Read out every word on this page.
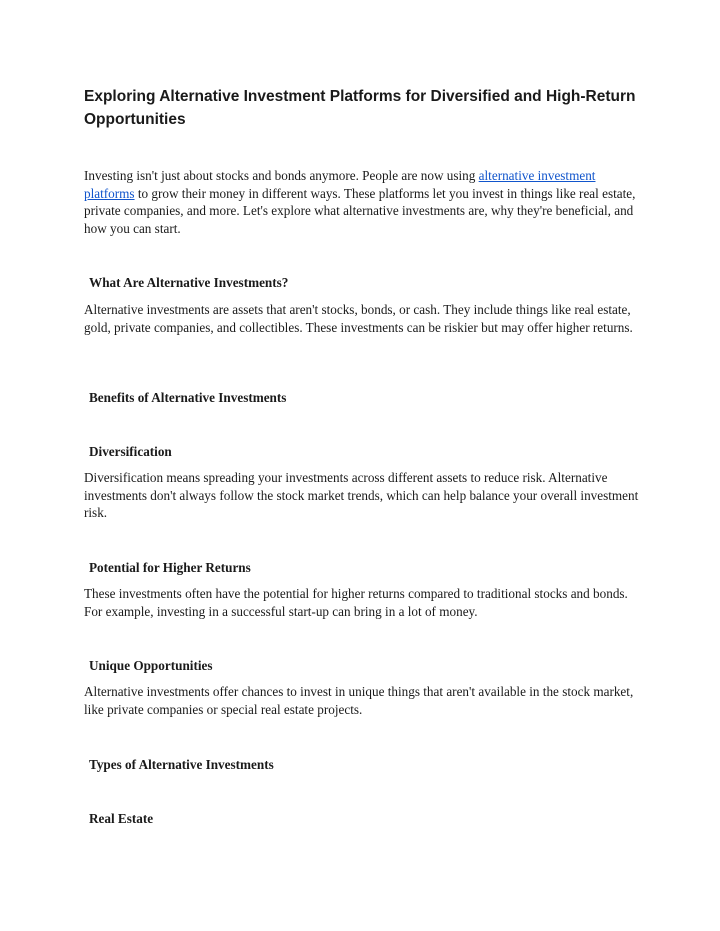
Exploring Alternative Investment Platforms for Diversified and High-Return Opportunities

Investing isn't just about stocks and bonds anymore. People are now using alternative investment platforms to grow their money in different ways. These platforms let you invest in things like real estate, private companies, and more. Let's explore what alternative investments are, why they're beneficial, and how you can start.

What Are Alternative Investments?

Alternative investments are assets that aren't stocks, bonds, or cash. They include things like real estate, gold, private companies, and collectibles. These investments can be riskier but may offer higher returns.

Benefits of Alternative Investments
Diversification

Diversification means spreading your investments across different assets to reduce risk. Alternative investments don't always follow the stock market trends, which can help balance your overall investment risk.

Potential for Higher Returns

These investments often have the potential for higher returns compared to traditional stocks and bonds. For example, investing in a successful start-up can bring in a lot of money.

Unique Opportunities

Alternative investments offer chances to invest in unique things that aren't available in the stock market, like private companies or special real estate projects.

Types of Alternative Investments
Real Estate
